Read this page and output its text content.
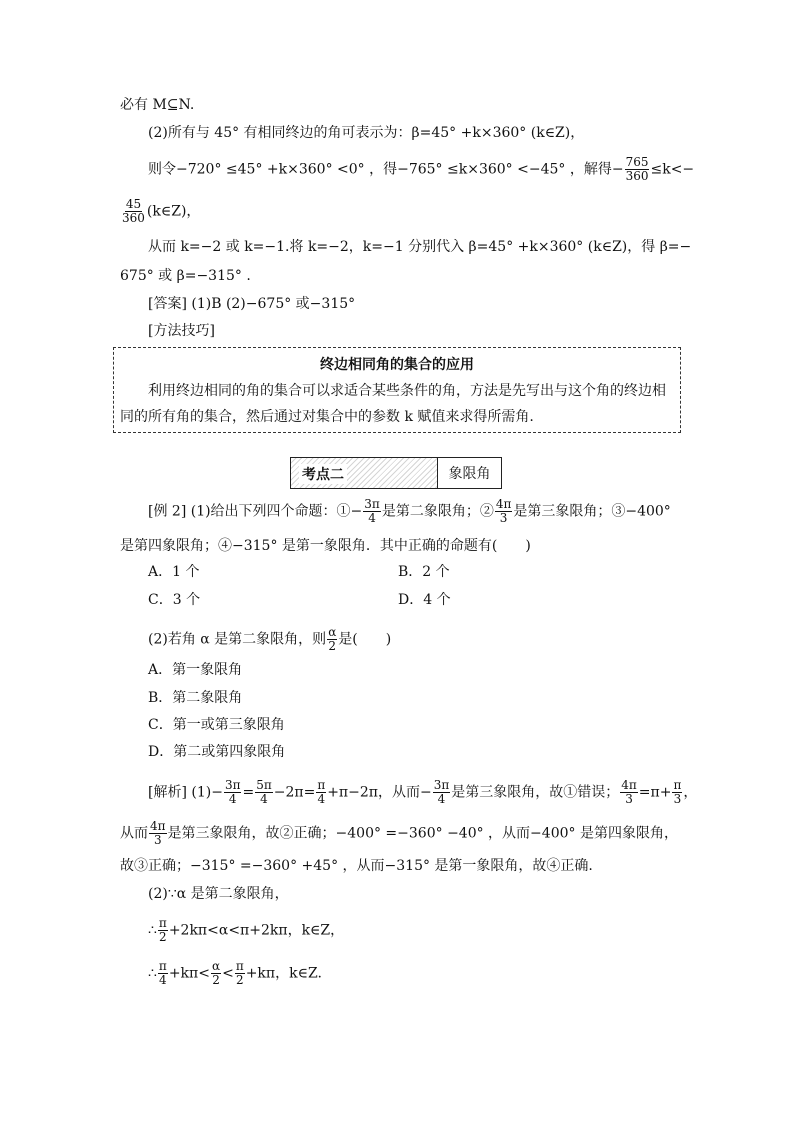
必有 M⊆N.
(2)所有与 45° 有相同终边的角可表示为：β=45° +k×360° (k∈Z)，
则令−720° ≤45° +k×360° <0° ，得−765° ≤k×360° <−45° ，解得− $\frac{765}{360} \le k<-$
$\frac{45}{360}$ (k∈Z)，
从而 k=−2 或 k=−1.将 k=−2，k=−1 分别代入 β=45° +k×360° (k∈Z)，得 β=−
675° 或 β=−315° .
[答案] (1)B (2)−675° 或−315°
[方法技巧]
终边相同角的集合的应用
利用终边相同的角的集合可以求适合某些条件的角，方法是先写出与这个角的终边相同的所有角的集合，然后通过对集合中的参数 k 赋值来求得所需角.
考点二	象限角
[例 2] (1)给出下列四个命题：①− $\frac{3\pi}{4}$ 是第二象限角；② $\frac{4\pi}{3}$ 是第三象限角；③−400°
是第四象限角；④−315° 是第一象限角．其中正确的命题有(　　)
A．1 个	B．2 个
C．3 个	D．4 个
(2)若角 α 是第二象限角，则 $\frac{\alpha}{2}$ 是(　　)
A．第一象限角
B．第二象限角
C．第一或第三象限角
D．第二或第四象限角
[解析] $(1)- \frac{3\pi}{4} = \frac{5\pi}{4} -2\pi= \frac{\pi}{4} +\pi-2\pi$，从而− $\frac{3\pi}{4}$ 是第三象限角，故①错误； $\frac{4\pi}{3} =\pi+ \frac{\pi}{3}$ ，
从而 $\frac{4\pi}{3}$ 是第三象限角，故②正确；−400° =−360° −40° ，从而−400° 是第四象限角，
故③正确；−315° =−360° +45° ，从而−315° 是第一象限角，故④正确.
(2)∵α 是第二象限角，
∴ $\frac{\pi}{2} +2k\pi<\alpha<\pi+2k\pi$，k∈Z，
∴ $\frac{\pi}{4} +k\pi< \frac{\alpha}{2} < \frac{\pi}{2} +k\pi$，k∈Z.
